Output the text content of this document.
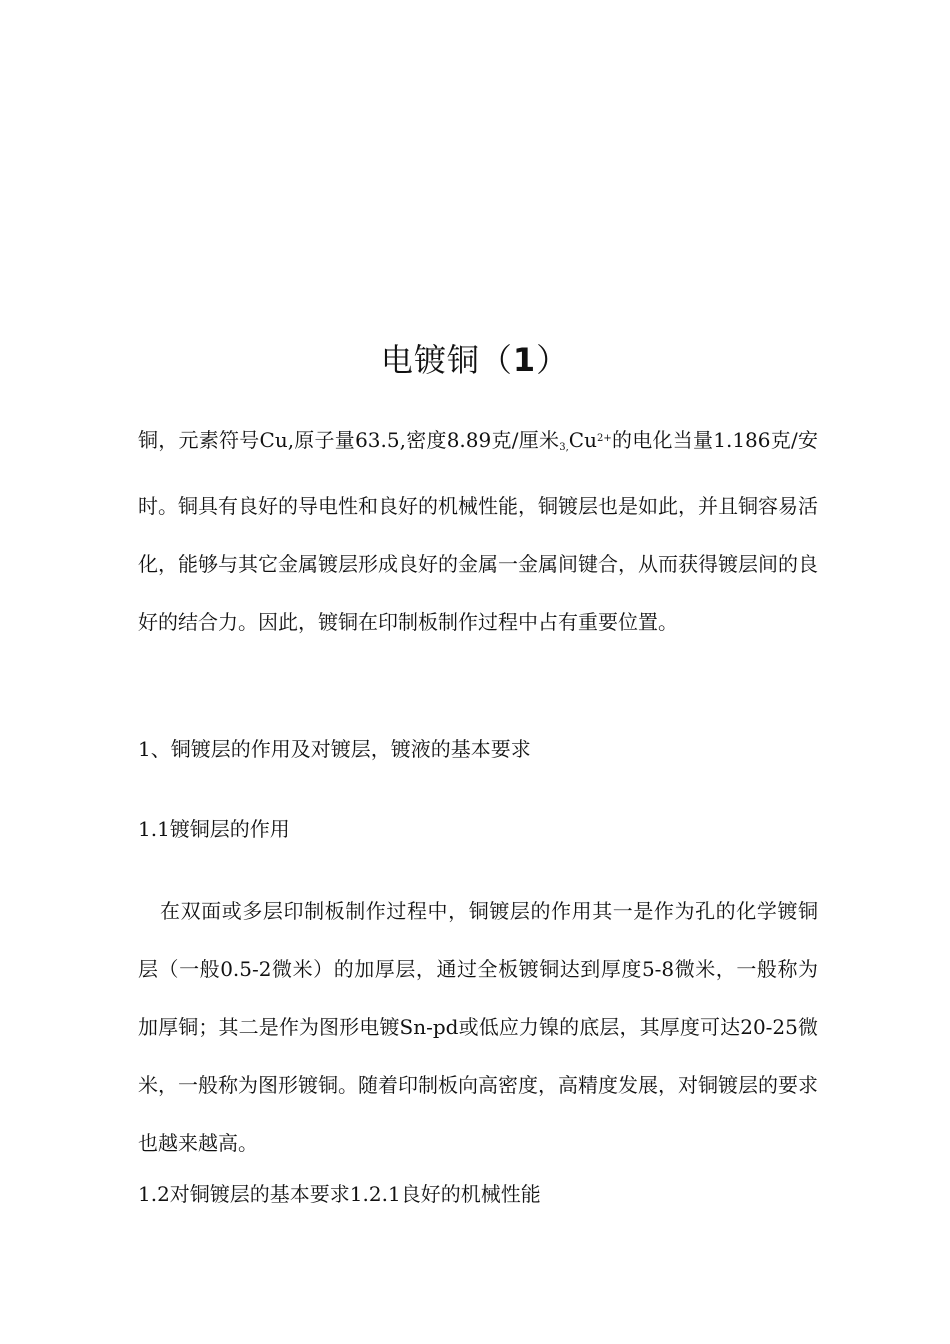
电镀铜（1）

铜，元素符号Cu,原子量63.5,密度8.89克/厘米$_{3,}Cu^{2+}$的电化当量1.186克/安时。铜具有良好的导电性和良好的机械性能，铜镀层也是如此，并且铜容易活化，能够与其它金属镀层形成良好的金属一金属间键合，从而获得镀层间的良好的结合力。因此，镀铜在印制板制作过程中占有重要位置。

1、铜镀层的作用及对镀层，镀液的基本要求

1.1镀铜层的作用

在双面或多层印制板制作过程中，铜镀层的作用其一是作为孔的化学镀铜层（一般0.5-2微米）的加厚层，通过全板镀铜达到厚度5-8微米，一般称为加厚铜；其二是作为图形电镀Sn-pd或低应力镍的底层，其厚度可达20-25微米，一般称为图形镀铜。随着印制板向高密度，高精度发展，对铜镀层的要求也越来越高。

1.2对铜镀层的基本要求1.2.1良好的机械性能
